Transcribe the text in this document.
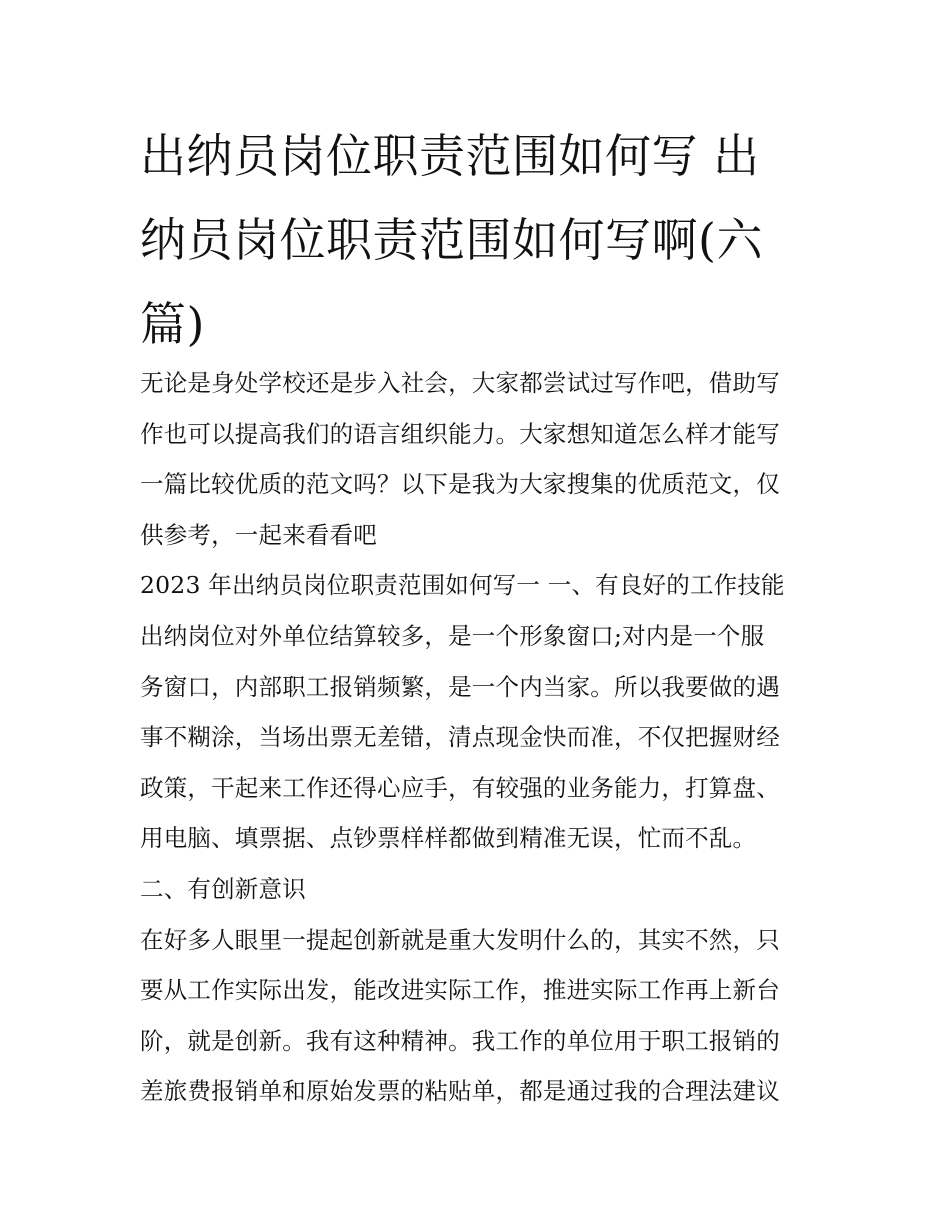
出纳员岗位职责范围如何写 出
纳员岗位职责范围如何写啊(六
篇)
无论是身处学校还是步入社会，大家都尝试过写作吧，借助写
作也可以提高我们的语言组织能力。大家想知道怎么样才能写
一篇比较优质的范文吗？以下是我为大家搜集的优质范文，仅
供参考，一起来看看吧
2023 年出纳员岗位职责范围如何写一 一、有良好的工作技能
出纳岗位对外单位结算较多，是一个形象窗口;对内是一个服
务窗口，内部职工报销频繁，是一个内当家。所以我要做的遇
事不糊涂，当场出票无差错，清点现金快而准，不仅把握财经
政策，干起来工作还得心应手，有较强的业务能力，打算盘、
用电脑、填票据、点钞票样样都做到精准无误，忙而不乱。
二、有创新意识
在好多人眼里一提起创新就是重大发明什么的，其实不然，只
要从工作实际出发，能改进实际工作，推进实际工作再上新台
阶，就是创新。我有这种精神。我工作的单位用于职工报销的
差旅费报销单和原始发票的粘贴单，都是通过我的合理法建议
